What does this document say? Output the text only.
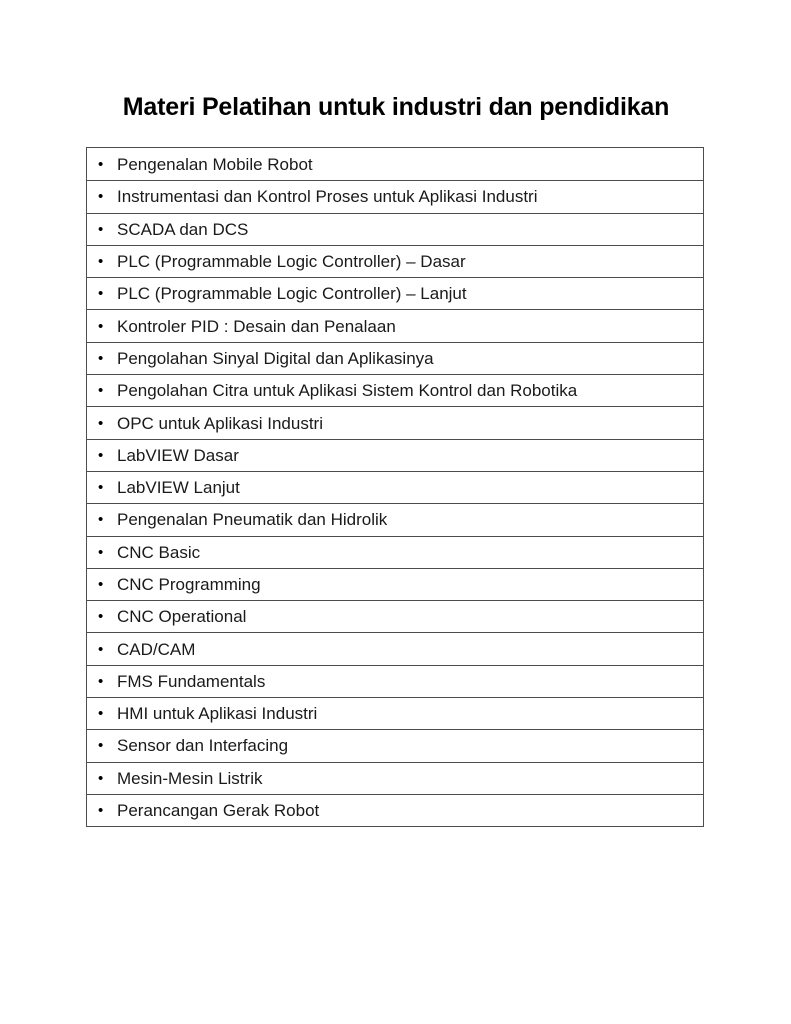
Materi Pelatihan untuk industri dan pendidikan
• Pengenalan Mobile Robot
• Instrumentasi dan Kontrol Proses untuk Aplikasi Industri
• SCADA dan DCS
• PLC (Programmable Logic Controller) – Dasar
• PLC (Programmable Logic Controller) – Lanjut
• Kontroler PID : Desain dan Penalaan
• Pengolahan Sinyal Digital dan Aplikasinya
• Pengolahan Citra untuk Aplikasi Sistem Kontrol dan Robotika
• OPC untuk Aplikasi Industri
• LabVIEW Dasar
• LabVIEW Lanjut
• Pengenalan Pneumatik dan Hidrolik
• CNC Basic
• CNC Programming
• CNC Operational
• CAD/CAM
• FMS Fundamentals
• HMI untuk Aplikasi Industri
• Sensor dan Interfacing
• Mesin-Mesin Listrik
• Perancangan Gerak Robot
